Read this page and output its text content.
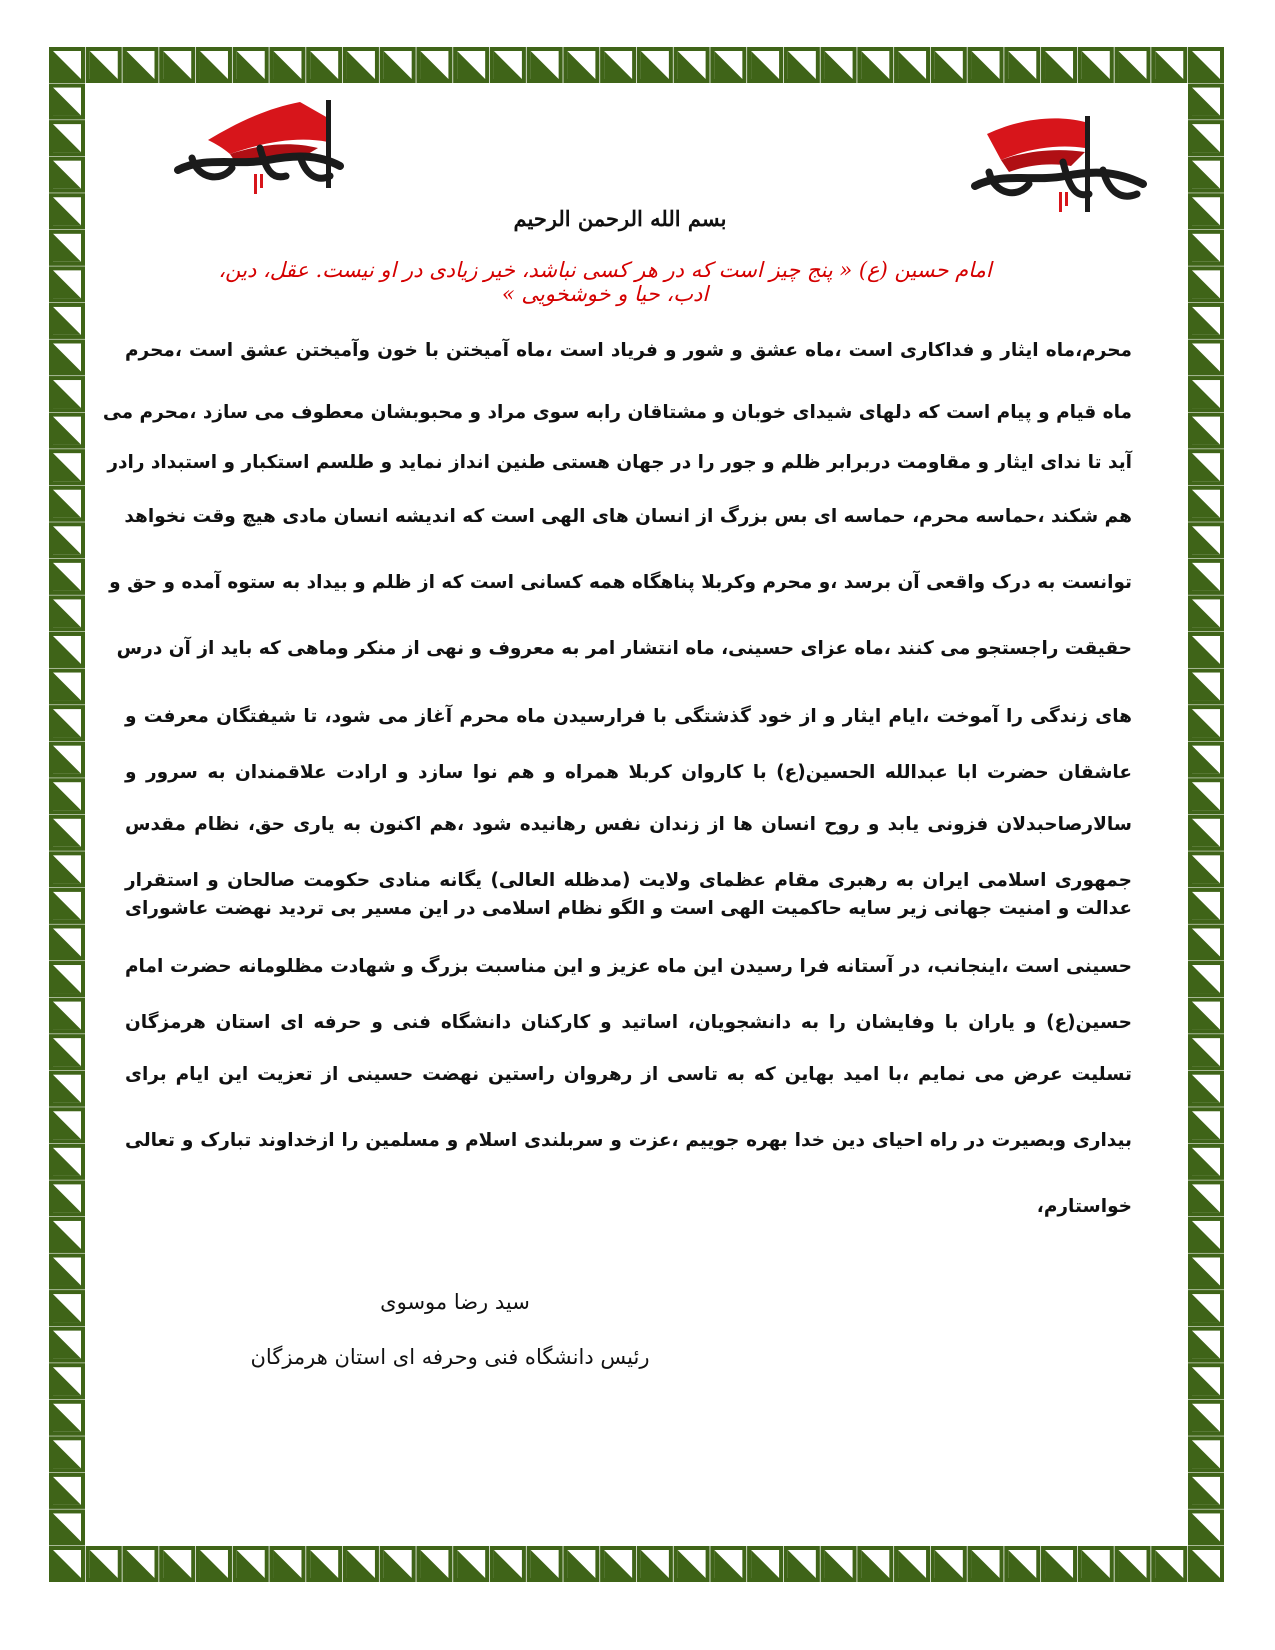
بسم الله الرحمن الرحیم
امام حسین (ع) « پنج چیز است که در هر کسی نباشد، خیر زیادی در او نیست. عقل، دین، ادب، حیا و خوشخویی »
محرم،ماه ایثار و فداکاری است ،ماه عشق و شور و فریاد است ،ماه آمیختن با خون وآمیختن عشق است ،محرم
ماه قیام و پیام است که دلهای شیدای خوبان و مشتاقان رابه سوی مراد و محبوبشان معطوف می سازد ،محرم می
آید تا ندای ایثار و مقاومت دربرابر ظلم و جور را در جهان هستی طنین انداز نماید و طلسم استکبار و استبداد رادر
هم شکند ،حماسه محرم، حماسه ای بس بزرگ از انسان های الهی است که اندیشه انسان مادی هیچ وقت نخواهد
توانست به درک واقعی آن برسد ،و محرم وکربلا پناهگاه همه کسانی است که از ظلم و بیداد به ستوه آمده و حق و
حقیقت راجستجو می کنند ،ماه عزای حسینی، ماه انتشار امر به معروف و نهی از منکر وماهی که باید از آن درس
های زندگی را آموخت ،ایام ایثار و از خود گذشتگی با فرارسیدن ماه محرم آغاز می شود، تا شیفتگان معرفت و
عاشقان حضرت ابا عبدالله الحسین(ع) با کاروان کربلا همراه و هم نوا سازد و ارادت علاقمندان به سرور و
سالارصاحبدلان فزونی یابد و روح انسان ها از زندان نفس رهانیده شود ،هم اکنون به یاری حق، نظام مقدس
جمهوری اسلامی ایران به رهبری مقام عظمای ولایت (مدظله العالی) یگانه منادی حکومت صالحان و استقرار
عدالت و امنیت جهانی زیر سایه حاکمیت الهی است و الگو نظام اسلامی در این مسیر بی تردید نهضت عاشورای
حسینی است ،اینجانب، در آستانه فرا رسیدن این ماه عزیز و این مناسبت بزرگ و شهادت مظلومانه حضرت امام
حسین(ع) و یاران با وفایشان را به دانشجویان، اساتید و کارکنان دانشگاه فنی و حرفه ای استان هرمزگان
تسلیت عرض می نمایم ،با امید بهاین که به تاسی از رهروان راستین نهضت حسینی از تعزیت این ایام برای
بیداری وبصیرت در راه احیای دین خدا بهره جوییم ،عزت و سربلندی اسلام و مسلمین را ازخداوند تبارک و تعالی
خواستارم،
سید رضا موسوی
رئیس دانشگاه فنی وحرفه ای استان هرمزگان
